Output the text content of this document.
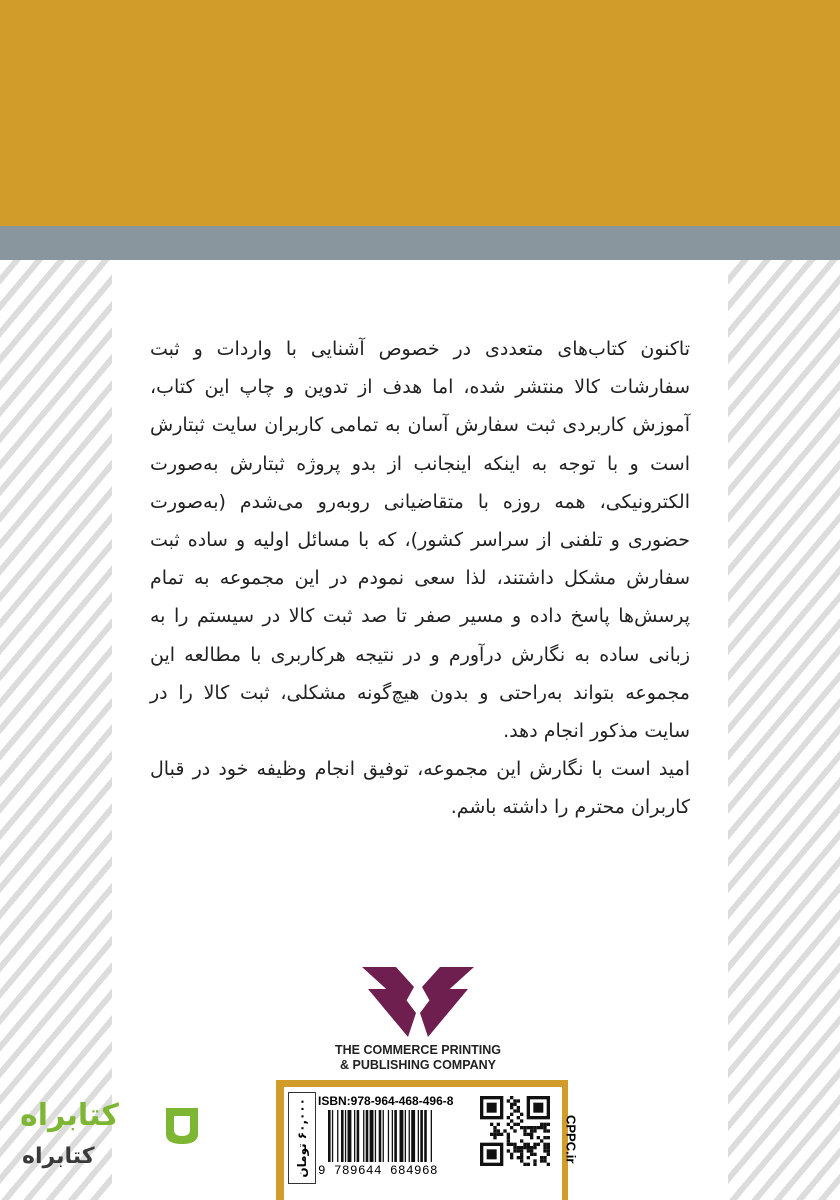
تاکنون کتاب‌های متعددی در خصوص آشنایی با واردات و ثبت سفارشات کالا منتشر شده، اما هدف از تدوین و چاپ این کتاب، آموزش کاربردی ثبت سفارش آسان به تمامی کاربران سایت ثبتارش است و با توجه به اینکه اینجانب از بدو پروژه ثبتارش به‌صورت الکترونیکی، همه روزه با متقاضیانی روبه‌رو می‌شدم (به‌صورت حضوری و تلفنی از سراسر کشور)، که با مسائل اولیه و ساده ثبت سفارش مشکل داشتند، لذا سعی نمودم در این مجموعه به تمام پرسش‌ها پاسخ داده و مسیر صفر تا صد ثبت کالا در سیستم را به زبانی ساده به نگارش درآورم و در نتیجه هرکاربری با مطالعه این مجموعه بتواند به‌راحتی و بدون هیچ‌گونه مشکلی، ثبت کالا را در سایت مذکور انجام دهد.

امید است با نگارش این مجموعه، توفیق انجام وظیفه خود در قبال کاربران محترم را داشته باشم.

THE COMMERCE PRINTING
& PUBLISHING COMPANY
۶۰,۰۰۰ تومان ISBN:978-964-468-496-8
9 789644 684968
CPPC.ir
کتابراه
کتابراه
